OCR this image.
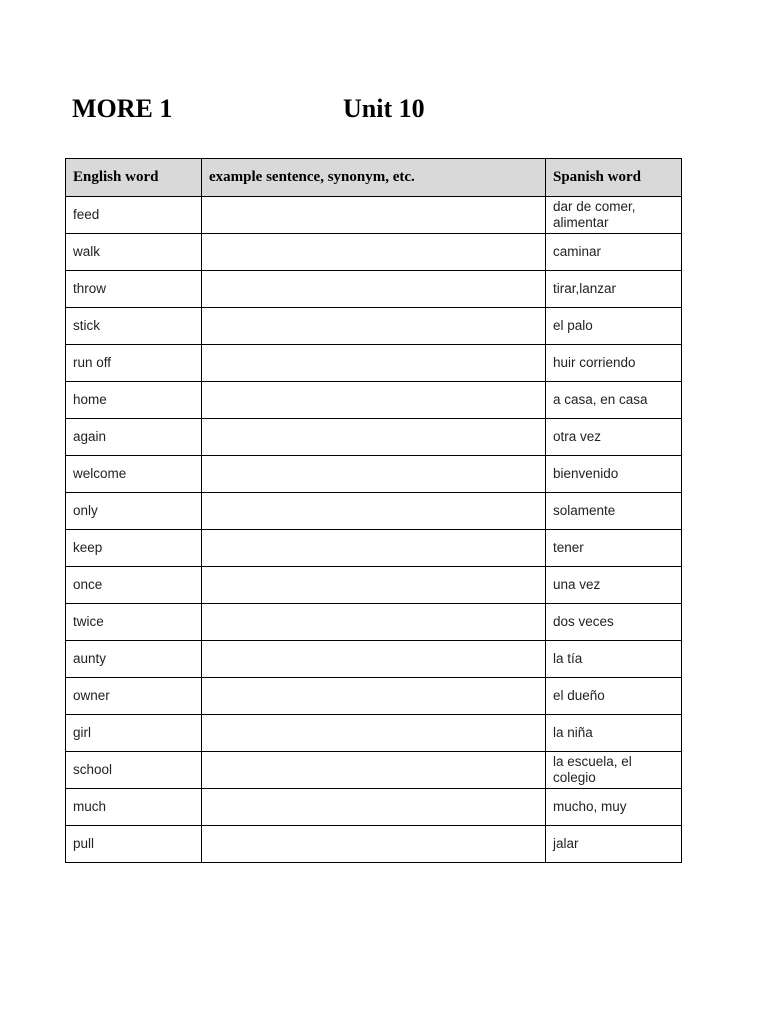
MORE 1	Unit 10
English word	example sentence, synonym, etc.	Spanish word
feed		dar de comer, alimentar
walk		caminar
throw		tirar,lanzar
stick		el palo
run off		huir corriendo
home		a casa, en casa
again		otra vez
welcome		bienvenido
only		solamente
keep		tener
once		una vez
twice		dos veces
aunty		la tía
owner		el dueño
girl		la niña
school		la escuela, el colegio
much		mucho, muy
pull		jalar
